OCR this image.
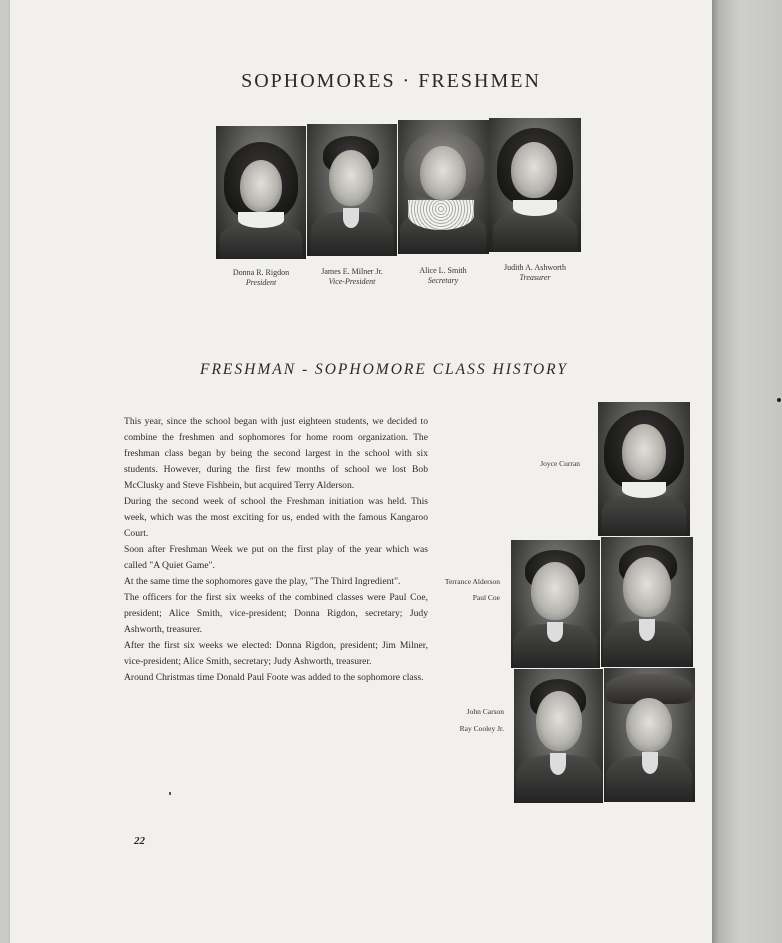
SOPHOMORES · FRESHMEN
Donna R. Rigdon
President
James E. Milner Jr.
Vice-President
Alice L. Smith
Secretary
Judith A. Ashworth
Treasurer
FRESHMAN - SOPHOMORE CLASS HISTORY

This year, since the school began with just eighteen students, we decided to combine the freshmen and sophomores for home room organization. The freshman class began by being the second largest in the school with six students. However, during the first few months of school we lost Bob McClusky and Steve Fishbein, but acquired Terry Alderson.

During the second week of school the Freshman initiation was held. This week, which was the most exciting for us, ended with the famous Kangaroo Court.

Soon after Freshman Week we put on the first play of the year which was called "A Quiet Game".

At the same time the sophomores gave the play, "The Third Ingredient".

The officers for the first six weeks of the combined classes were Paul Coe, president; Alice Smith, vice-president; Donna Rigdon, secretary; Judy Ashworth, treasurer.

After the first six weeks we elected: Donna Rigdon, president; Jim Milner, vice-president; Alice Smith, secretary; Judy Ashworth, treasurer.

Around Christmas time Donald Paul Foote was added to the sophomore class.

Joyce Curran
Terrance Alderson
Paul Coe
John Carson
Ray Cooley Jr.
22
